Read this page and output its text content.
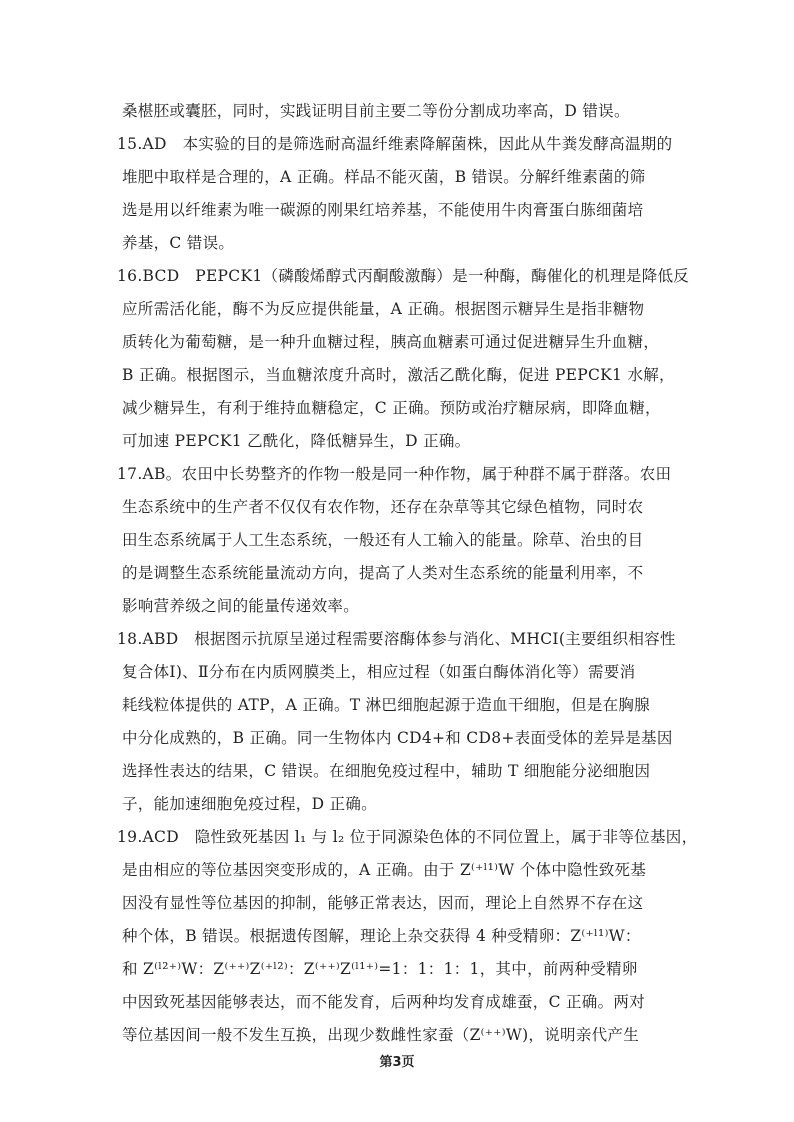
桑椹胚或囊胚，同时，实践证明目前主要二等份分割成功率高，D 错误。
15.AD　本实验的目的是筛选耐高温纤维素降解菌株，因此从牛粪发酵高温期的
堆肥中取样是合理的，A 正确。样品不能灭菌，B 错误。分解纤维素菌的筛
选是用以纤维素为唯一碳源的刚果红培养基，不能使用牛肉膏蛋白胨细菌培
养基，C 错误。
16.BCD　PEPCK1（磷酸烯醇式丙酮酸激酶）是一种酶，酶催化的机理是降低反
应所需活化能，酶不为反应提供能量，A 正确。根据图示糖异生是指非糖物
质转化为葡萄糖，是一种升血糖过程，胰高血糖素可通过促进糖异生升血糖，
B 正确。根据图示，当血糖浓度升高时，激活乙酰化酶，促进 PEPCK1 水解，
减少糖异生，有利于维持血糖稳定，C 正确。预防或治疗糖尿病，即降血糖，
可加速 PEPCK1 乙酰化，降低糖异生，D 正确。
17.AB。农田中长势整齐的作物一般是同一种作物，属于种群不属于群落。农田
生态系统中的生产者不仅仅有农作物，还存在杂草等其它绿色植物，同时农
田生态系统属于人工生态系统，一般还有人工输入的能量。除草、治虫的目
的是调整生态系统能量流动方向，提高了人类对生态系统的能量利用率，不
影响营养级之间的能量传递效率。
18.ABD　根据图示抗原呈递过程需要溶酶体参与消化、MHCⅠ(主要组织相容性
复合体Ⅰ)、Ⅱ分布在内质网膜类上，相应过程（如蛋白酶体消化等）需要消
耗线粒体提供的 ATP，A 正确。T 淋巴细胞起源于造血干细胞，但是在胸腺
中分化成熟的，B 正确。同一生物体内 CD4+和 CD8+表面受体的差异是基因
选择性表达的结果，C 错误。在细胞免疫过程中，辅助 T 细胞能分泌细胞因
子，能加速细胞免疫过程，D 正确。
19.ACD　隐性致死基因 l₁ 与 l₂ 位于同源染色体的不同位置上，属于非等位基因，
是由相应的等位基因突变形成的，A 正确。由于 Z⁽⁺ˡ¹⁾W 个体中隐性致死基
因没有显性等位基因的抑制，能够正常表达，因而，理论上自然界不存在这
种个体，B 错误。根据遗传图解，理论上杂交获得 4 种受精卵：Z⁽⁺ˡ¹⁾W：
和 Z⁽ˡ²⁺⁾W：Z⁽⁺⁺⁾Z⁽⁺ˡ²⁾：Z⁽⁺⁺⁾Z⁽ˡ¹⁺⁾=1：1：1：1，其中，前两种受精卵
中因致死基因能够表达，而不能发育，后两种均发育成雄蚕，C 正确。两对
等位基因间一般不发生互换，出现少数雌性家蚕（Z⁽⁺⁺⁾W)，说明亲代产生
第3页
